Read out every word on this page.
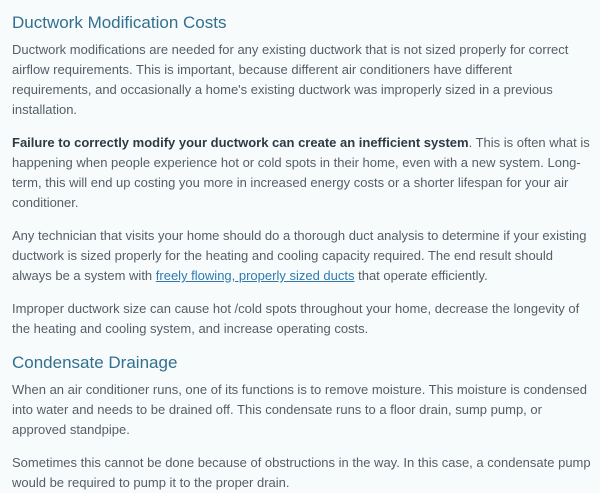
Ductwork Modification Costs

Ductwork modifications are needed for any existing ductwork that is not sized properly for correct airflow requirements. This is important, because different air conditioners have different requirements, and occasionally a home's existing ductwork was improperly sized in a previous installation.

Failure to correctly modify your ductwork can create an inefficient system. This is often what is happening when people experience hot or cold spots in their home, even with a new system. Long-term, this will end up costing you more in increased energy costs or a shorter lifespan for your air conditioner.

Any technician that visits your home should do a thorough duct analysis to determine if your existing ductwork is sized properly for the heating and cooling capacity required. The end result should always be a system with freely flowing, properly sized ducts that operate efficiently.

Improper ductwork size can cause hot /cold spots throughout your home, decrease the longevity of the heating and cooling system, and increase operating costs.

Condensate Drainage

When an air conditioner runs, one of its functions is to remove moisture. This moisture is condensed into water and needs to be drained off. This condensate runs to a floor drain, sump pump, or approved standpipe.

Sometimes this cannot be done because of obstructions in the way. In this case, a condensate pump would be required to pump it to the proper drain.
